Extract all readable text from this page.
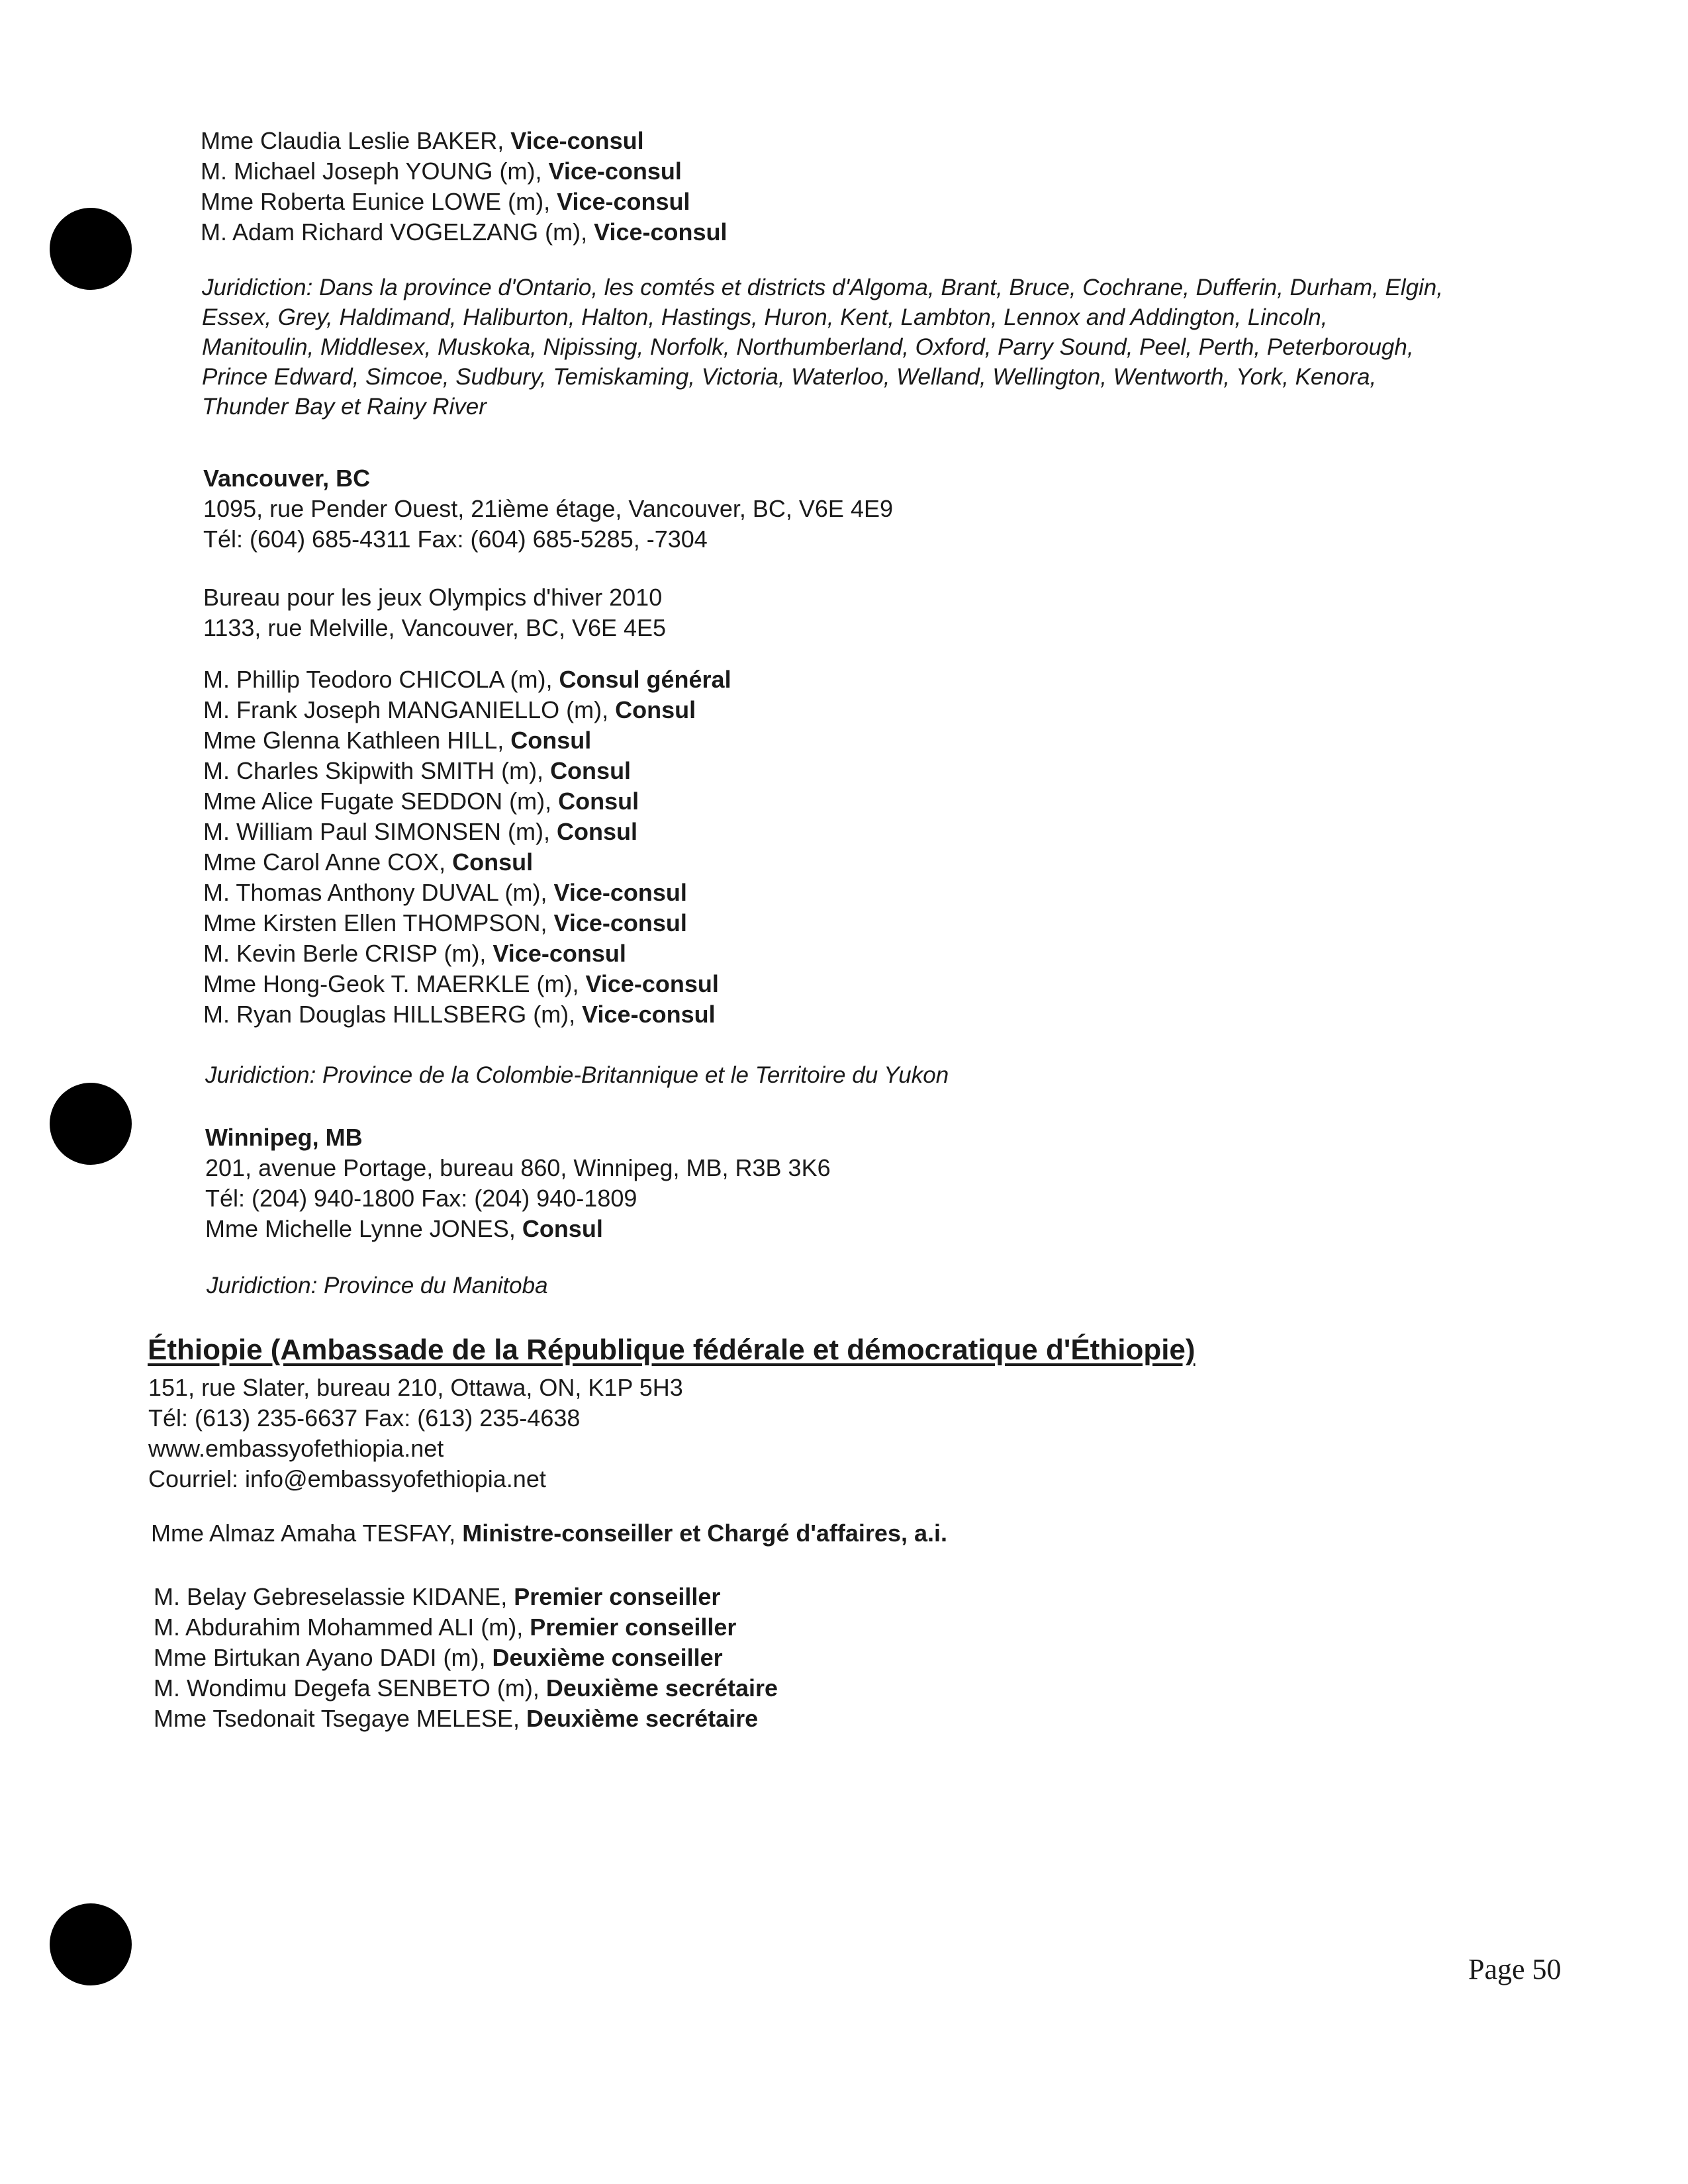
Mme Claudia Leslie BAKER, Vice-consul
M. Michael Joseph YOUNG (m), Vice-consul
Mme Roberta Eunice LOWE (m), Vice-consul
M. Adam Richard VOGELZANG (m), Vice-consul
Juridiction: Dans la province d'Ontario, les comtés et districts d'Algoma, Brant, Bruce, Cochrane, Dufferin, Durham, Elgin,
Essex, Grey, Haldimand, Haliburton, Halton, Hastings, Huron, Kent, Lambton, Lennox and Addington, Lincoln,
Manitoulin, Middlesex, Muskoka, Nipissing, Norfolk, Northumberland, Oxford, Parry Sound, Peel, Perth, Peterborough,
Prince Edward, Simcoe, Sudbury, Temiskaming, Victoria, Waterloo, Welland, Wellington, Wentworth, York, Kenora,
Thunder Bay et Rainy River
Vancouver, BC
1095, rue Pender Ouest, 21ième étage, Vancouver, BC, V6E 4E9
Tél: (604) 685-4311 Fax: (604) 685-5285, -7304
Bureau pour les jeux Olympics d'hiver 2010
1133, rue Melville, Vancouver, BC, V6E 4E5
M. Phillip Teodoro CHICOLA (m), Consul général
M. Frank Joseph MANGANIELLO (m), Consul
Mme Glenna Kathleen HILL, Consul
M. Charles Skipwith SMITH (m), Consul
Mme Alice Fugate SEDDON (m), Consul
M. William Paul SIMONSEN (m), Consul
Mme Carol Anne COX, Consul
M. Thomas Anthony DUVAL (m), Vice-consul
Mme Kirsten Ellen THOMPSON, Vice-consul
M. Kevin Berle CRISP (m), Vice-consul
Mme Hong-Geok T. MAERKLE (m), Vice-consul
M. Ryan Douglas HILLSBERG (m), Vice-consul
Juridiction: Province de la Colombie-Britannique et le Territoire du Yukon
Winnipeg, MB
201, avenue Portage, bureau 860, Winnipeg, MB, R3B 3K6
Tél: (204) 940-1800 Fax: (204) 940-1809
Mme Michelle Lynne JONES, Consul
Juridiction: Province du Manitoba
Éthiopie (Ambassade de la République fédérale et démocratique d'Éthiopie)
151, rue Slater, bureau 210, Ottawa, ON, K1P 5H3
Tél: (613) 235-6637 Fax: (613) 235-4638
www.embassyofethiopia.net
Courriel: info@embassyofethiopia.net
Mme Almaz Amaha TESFAY, Ministre-conseiller et Chargé d'affaires, a.i.
M. Belay Gebreselassie KIDANE, Premier conseiller
M. Abdurahim Mohammed ALI (m), Premier conseiller
Mme Birtukan Ayano DADI (m), Deuxième conseiller
M. Wondimu Degefa SENBETO (m), Deuxième secrétaire
Mme Tsedonait Tsegaye MELESE, Deuxième secrétaire
Page 50
